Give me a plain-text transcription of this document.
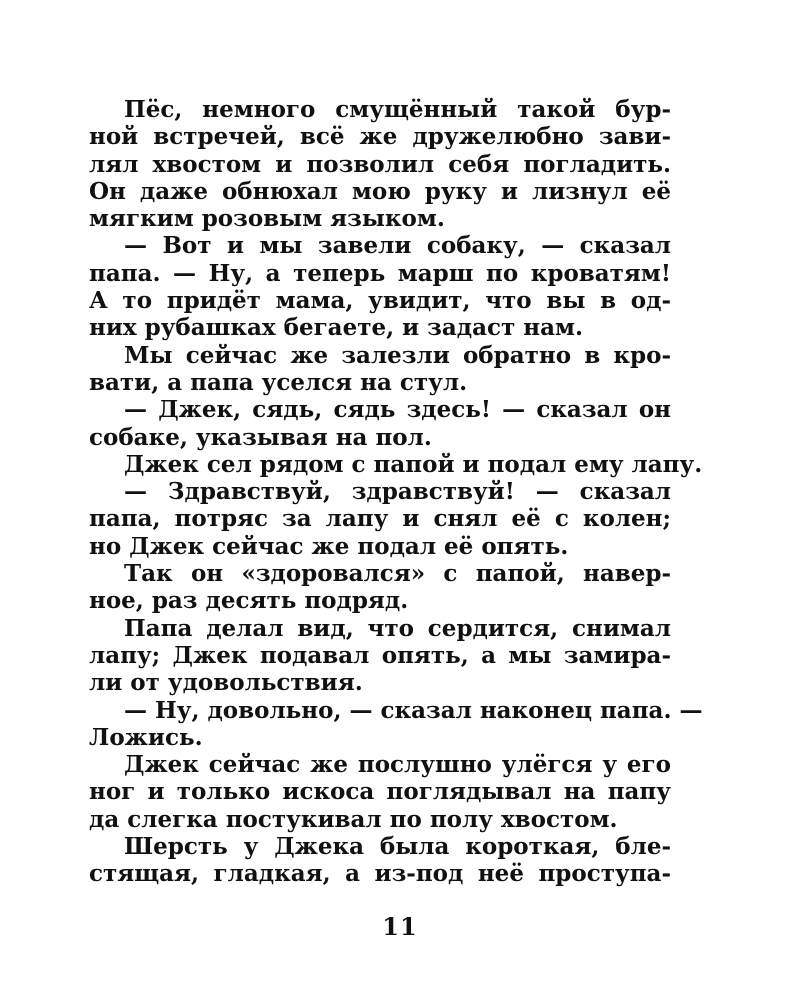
Пёс, немного смущённый такой бур-
ной встречей, всё же дружелюбно зави-
лял хвостом и позволил себя погладить.
Он даже обнюхал мою руку и лизнул её
мягким розовым языком.
— Вот и мы завели собаку, — сказал
папа. — Ну, а теперь марш по кроватям!
А то придёт мама, увидит, что вы в од-
них рубашках бегаете, и задаст нам.
Мы сейчас же залезли обратно в кро-
вати, а папа уселся на стул.
— Джек, сядь, сядь здесь! — сказал он
собаке, указывая на пол.
Джек сел рядом с папой и подал ему лапу.
— Здравствуй, здравствуй! — сказал
папа, потряс за лапу и снял её с колен;
но Джек сейчас же подал её опять.
Так он «здоровался» с папой, навер-
ное, раз десять подряд.
Папа делал вид, что сердится, снимал
лапу; Джек подавал опять, а мы замира-
ли от удовольствия.
— Ну, довольно, — сказал наконец папа. —
Ложись.
Джек сейчас же послушно улёгся у его
ног и только искоса поглядывал на папу
да слегка постукивал по полу хвостом.
Шерсть у Джека была короткая, бле-
стящая, гладкая, а из-под неё проступа-
11
